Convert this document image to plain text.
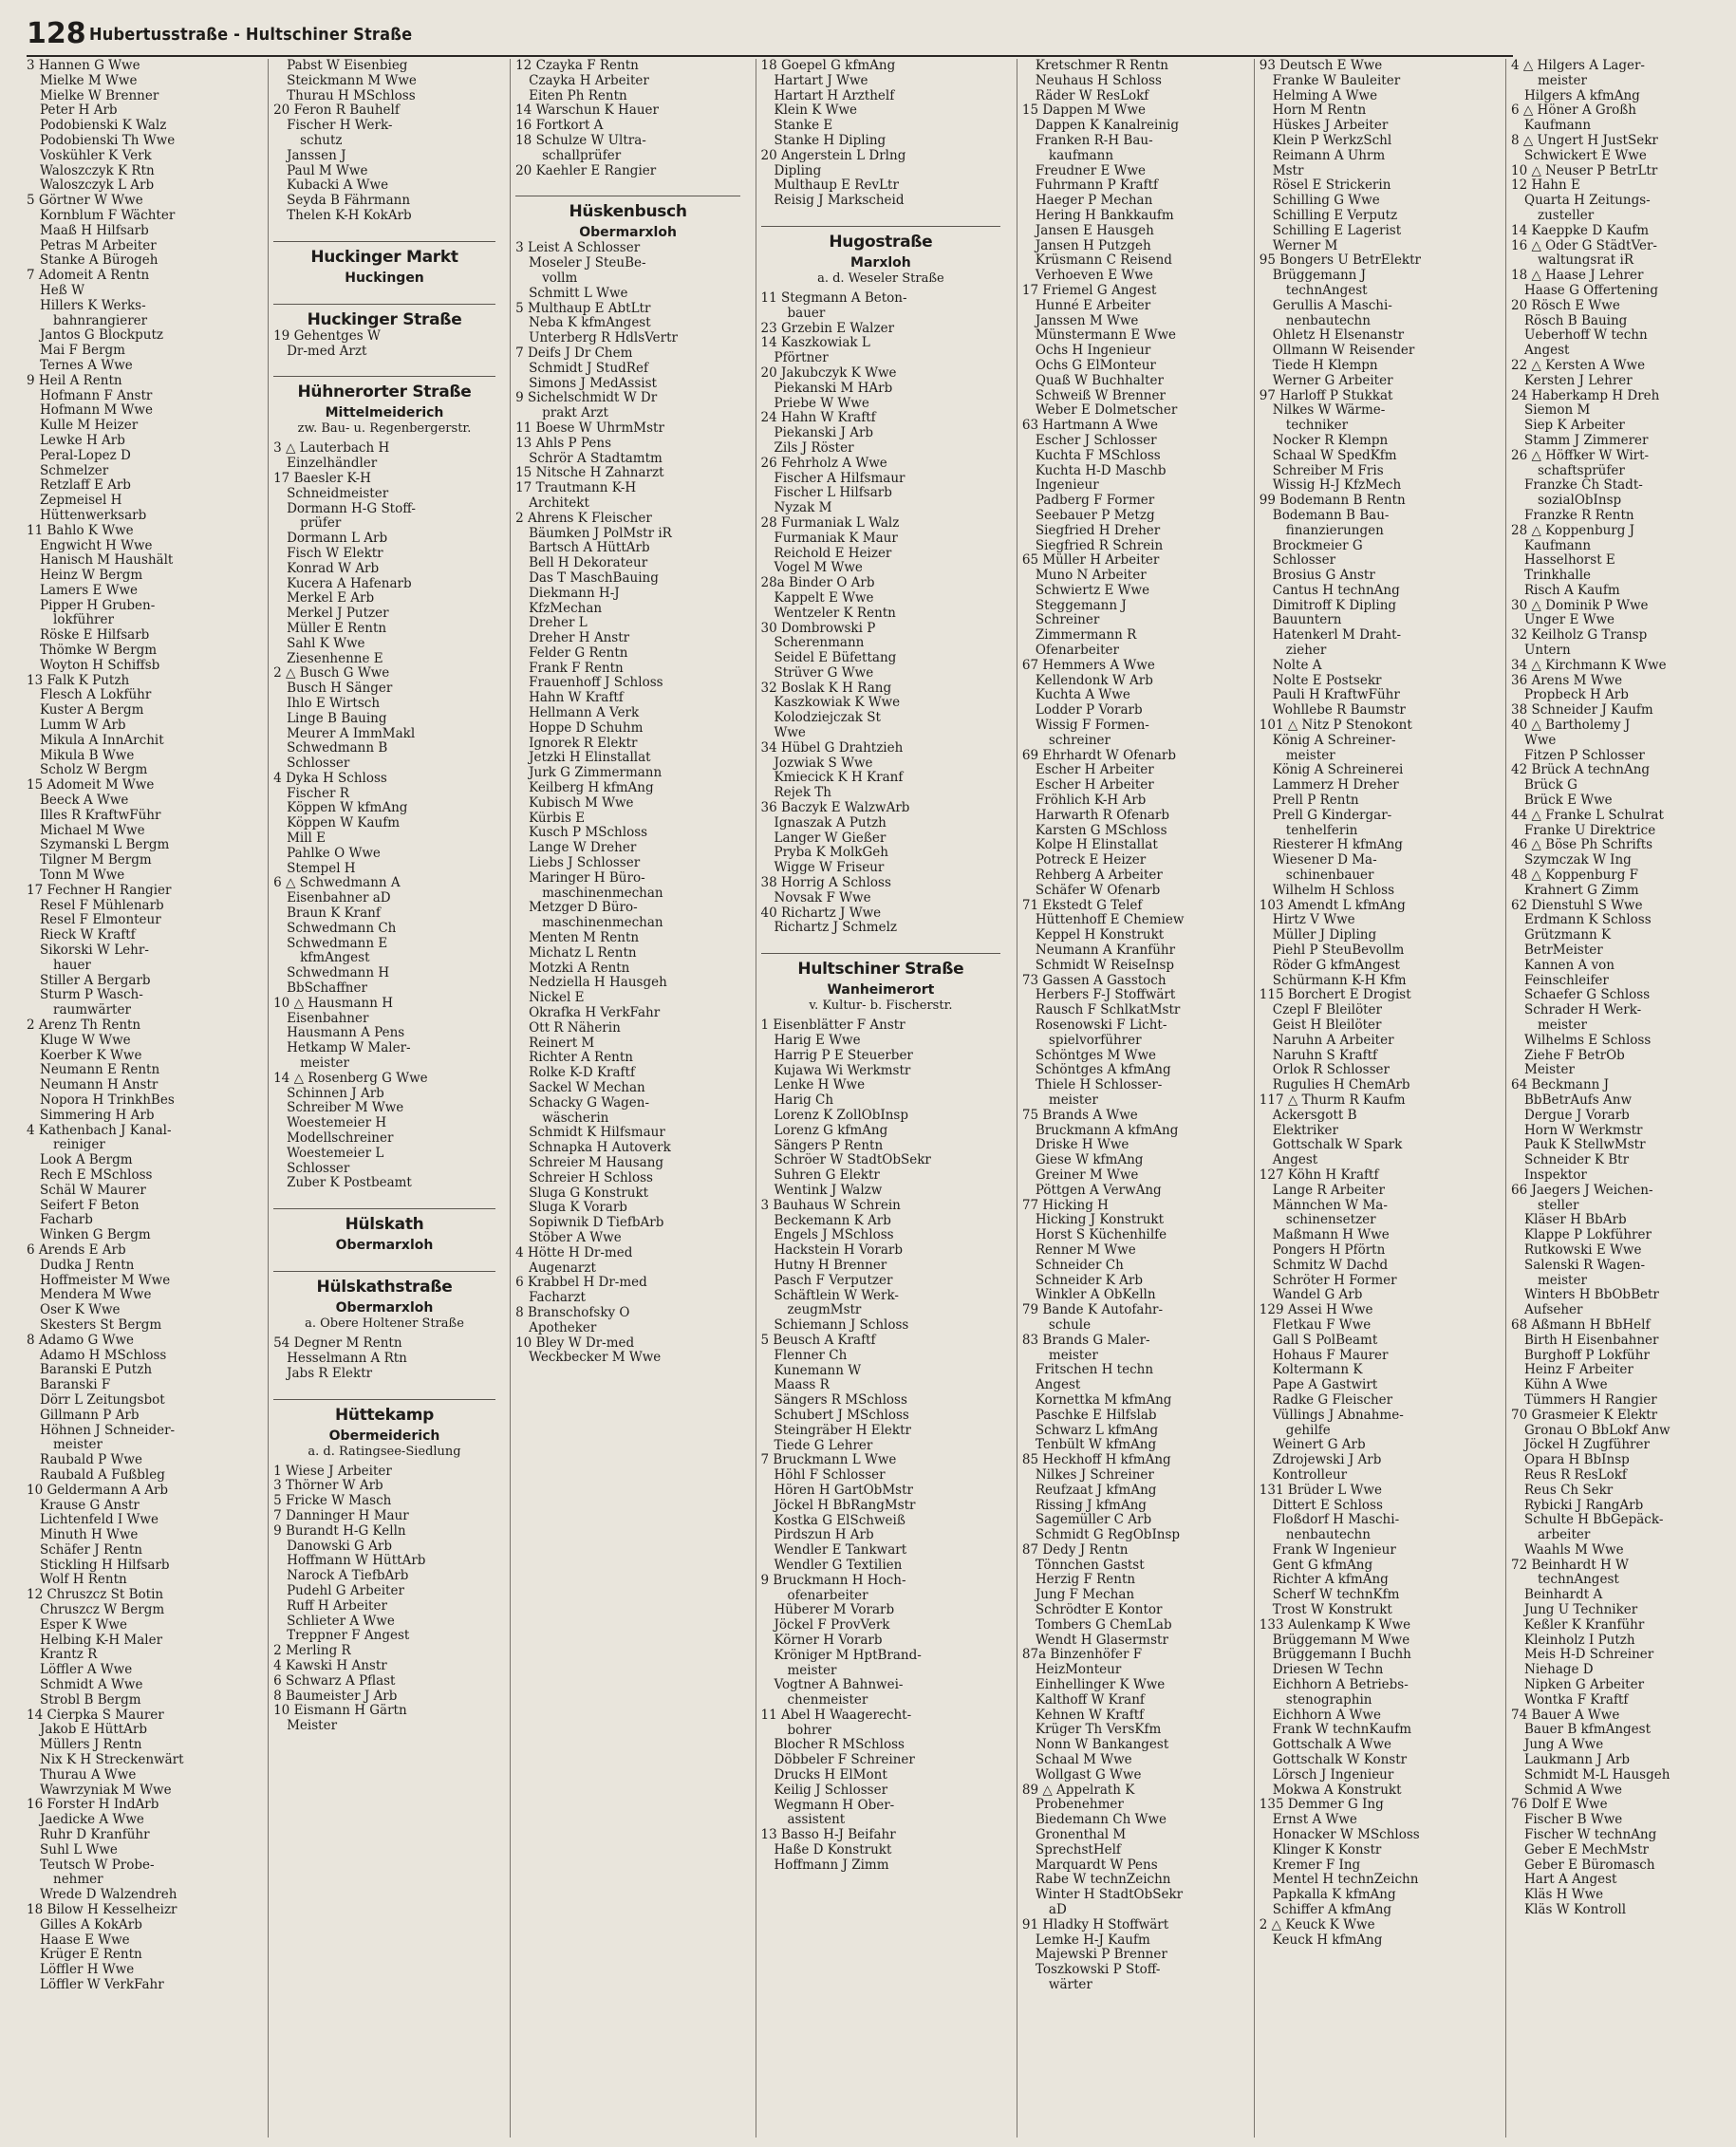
128 Hubertusstraße - Hultschiner Straße
3 Hannen G Wwe
Mielke M Wwe
Mielke W Brenner
Peter H Arb
Podobienski K Walz
Podobienski Th Wwe
Voskühler K Verk
Waloszczyk K Rtn
Waloszczyk L Arb
5 Görtner W Wwe
Kornblum F Wächter
Maaß H Hilfsarb
Petras M Arbeiter
Stanke A Bürogeh
7 Adomeit A Rentn
Heß W
Hillers K Werks-
bahnrangierer
Jantos G Blockputz
Mai F Bergm
Ternes A Wwe
9 Heil A Rentn
Hofmann F Anstr
Hofmann M Wwe
Kulle M Heizer
Lewke H Arb
Peral-Lopez D
Schmelzer
Retzlaff E Arb
Zepmeisel H
Hüttenwerksarb
11 Bahlo K Wwe
Engwicht H Wwe
Hanisch M Haushält
Heinz W Bergm
Lamers E Wwe
Pipper H Gruben-
lokführer
Röske E Hilfsarb
Thömke W Bergm
Woyton H Schiffsb
13 Falk K Putzh
Flesch A Lokführ
Kuster A Bergm
Lumm W Arb
Mikula A InnArchit
Mikula B Wwe
Scholz W Bergm
15 Adomeit M Wwe
Beeck A Wwe
Illes R KraftwFühr
Michael M Wwe
Szymanski L Bergm
Tilgner M Bergm
Tonn M Wwe
17 Fechner H Rangier
Resel F Mühlenarb
Resel F Elmonteur
Rieck W Kraftf
Sikorski W Lehr-
hauer
Stiller A Bergarb
Sturm P Wasch-
raumwärter
2 Arenz Th Rentn
Kluge W Wwe
Koerber K Wwe
Neumann E Rentn
Neumann H Anstr
Nopora H TrinkhBes
Simmering H Arb
4 Kathenbach J Kanal-
reiniger
Look A Bergm
Rech E MSchloss
Schäl W Maurer
Seifert F Beton
Facharb
Winken G Bergm
6 Arends E Arb
Dudka J Rentn
Hoffmeister M Wwe
Mendera M Wwe
Oser K Wwe
Skesters St Bergm
8 Adamo G Wwe
Adamo H MSchloss
Baranski E Putzh
Baranski F
Dörr L Zeitungsbot
Gillmann P Arb
Höhnen J Schneider-
meister
Raubald P Wwe
Raubald A Fußbleg
10 Geldermann A Arb
Krause G Anstr
Lichtenfeld I Wwe
Minuth H Wwe
Schäfer J Rentn
Stickling H Hilfsarb
Wolf H Rentn
12 Chruszcz St Botin
Chruszcz W Bergm
Esper K Wwe
Helbing K-H Maler
Krantz R
Löffler A Wwe
Schmidt A Wwe
Strobl B Bergm
14 Cierpka S Maurer
Jakob E HüttArb
Müllers J Rentn
Nix K H Streckenwärt
Thurau A Wwe
Wawrzyniak M Wwe
16 Forster H IndArb
Jaedicke A Wwe
Ruhr D Kranführ
Suhl L Wwe
Teutsch W Probe-
nehmer
Wrede D Walzendreh
18 Bilow H Kesselheizr
Gilles A KokArb
Haase E Wwe
Krüger E Rentn
Löffler H Wwe
Löffler W VerkFahr
Pabst W Eisenbieg
Steickmann M Wwe
Thurau H MSchloss
20 Feron R Bauhelf
Fischer H Werk-
schutz
Janssen J
Paul M Wwe
Kubacki A Wwe
Seyda B Fährmann
Thelen K-H KokArb
Huckinger Markt
Huckingen
Huckinger Straße
19 Gehentges W
Dr-med Arzt
Hühnerorter Straße
Mittelmeiderich
zw. Bau- u. Regenbergerstr.
3 △ Lauterbach H
Einzelhändler
17 Baesler K-H
Schneidmeister
Dormann H-G Stoff-
prüfer
Dormann L Arb
Fisch W Elektr
Konrad W Arb
Kucera A Hafenarb
Merkel E Arb
Merkel J Putzer
Müller E Rentn
Sahl K Wwe
Ziesenhenne E
2 △ Busch G Wwe
Busch H Sänger
Ihlo E Wirtsch
Linge B Bauing
Meurer A ImmMakl
Schwedmann B
Schlosser
4 Dyka H Schloss
Fischer R
Köppen W kfmAng
Köppen W Kaufm
Mill E
Pahlke O Wwe
Stempel H
6 △ Schwedmann A
Eisenbahner aD
Braun K Kranf
Schwedmann Ch
Schwedmann E
kfmAngest
Schwedmann H
BbSchaffner
10 △ Hausmann H
Eisenbahner
Hausmann A Pens
Hetkamp W Maler-
meister
14 △ Rosenberg G Wwe
Schinnen J Arb
Schreiber M Wwe
Woestemeier H
Modellschreiner
Woestemeier L
Schlosser
Zuber K Postbeamt
Hülskath
Obermarxloh
Hülskathstraße
Obermarxloh
a. Obere Holtener Straße
54 Degner M Rentn
Hesselmann A Rtn
Jabs R Elektr
Hüttekamp
Obermeiderich
a. d. Ratingsee-Siedlung
1 Wiese J Arbeiter
3 Thörner W Arb
5 Fricke W Masch
7 Danninger H Maur
9 Burandt H-G Kelln
Danowski G Arb
Hoffmann W HüttArb
Narock A TiefbArb
Pudehl G Arbeiter
Ruff H Arbeiter
Schlieter A Wwe
Treppner F Angest
2 Merling R
4 Kawski H Anstr
6 Schwarz A Pflast
8 Baumeister J Arb
10 Eismann H Gärtn
Meister
12 Czayka F Rentn
Czayka H Arbeiter
Eiten Ph Rentn
14 Warschun K Hauer
16 Fortkort A
18 Schulze W Ultra-
schallprüfer
20 Kaehler E Rangier
Hüskenbusch
Obermarxloh
3 Leist A Schlosser
Moseler J SteuBe-
vollm
Schmitt L Wwe
5 Multhaup E AbtLtr
Neba K kfmAngest
Unterberg R HdlsVertr
7 Deifs J Dr Chem
Schmidt J StudRef
Simons J MedAssist
9 Sichelschmidt W Dr
prakt Arzt
11 Boese W UhrmMstr
13 Ahls P Pens
Schrör A Stadtamtm
15 Nitsche H Zahnarzt
17 Trautmann K-H
Architekt
2 Ahrens K Fleischer
Bäumken J PolMstr iR
Bartsch A HüttArb
Bell H Dekorateur
Das T MaschBauing
Diekmann H-J
KfzMechan
Dreher L
Dreher H Anstr
Felder G Rentn
Frank F Rentn
Frauenhoff J Schloss
Hahn W Kraftf
Hellmann A Verk
Hoppe D Schuhm
Ignorek R Elektr
Jetzki H Elinstallat
Jurk G Zimmermann
Keilberg H kfmAng
Kubisch M Wwe
Kürbis E
Kusch P MSchloss
Lange W Dreher
Liebs J Schlosser
Maringer H Büro-
maschinenmechan
Metzger D Büro-
maschinenmechan
Menten M Rentn
Michatz L Rentn
Motzki A Rentn
Nedziella H Hausgeh
Nickel E
Okrafka H VerkFahr
Ott R Näherin
Reinert M
Richter A Rentn
Rolke K-D Kraftf
Sackel W Mechan
Schacky G Wagen-
wäscherin
Schmidt K Hilfsmaur
Schnapka H Autoverk
Schreier M Hausang
Schreier H Schloss
Sluga G Konstrukt
Sluga K Vorarb
Sopiwnik D TiefbArb
Stöber A Wwe
4 Hötte H Dr-med
Augenarzt
6 Krabbel H Dr-med
Facharzt
8 Branschofsky O
Apotheker
10 Bley W Dr-med
Weckbecker M Wwe
18 Goepel G kfmAng
Hartart J Wwe
Hartart H Arzthelf
Klein K Wwe
Stanke E
Stanke H Dipling
20 Angerstein L Drlng
Dipling
Multhaup E RevLtr
Reisig J Markscheid
Hugostraße
Marxloh
a. d. Weseler Straße
11 Stegmann A Beton-
bauer
23 Grzebin E Walzer
14 Kaszkowiak L
Pförtner
20 Jakubczyk K Wwe
Piekanski M HArb
Priebe W Wwe
24 Hahn W Kraftf
Piekanski J Arb
Zils J Röster
26 Fehrholz A Wwe
Fischer A Hilfsmaur
Fischer L Hilfsarb
Nyzak M
28 Furmaniak L Walz
Furmaniak K Maur
Reichold E Heizer
Vogel M Wwe
28a Binder O Arb
Kappelt E Wwe
Wentzeler K Rentn
30 Dombrowski P
Scherenmann
Seidel E Büfettang
Strüver G Wwe
32 Boslak K H Rang
Kaszkowiak K Wwe
Kolodziejczak St
Wwe
34 Hübel G Drahtzieh
Jozwiak S Wwe
Kmiecick K H Kranf
Rejek Th
36 Baczyk E WalzwArb
Ignaszak A Putzh
Langer W Gießer
Pryba K MolkGeh
Wigge W Friseur
38 Horrig A Schloss
Novsak F Wwe
40 Richartz J Wwe
Richartz J Schmelz
Hultschiner Straße
Wanheimerort
v. Kultur- b. Fischerstr.
1 Eisenblätter F Anstr
Harig E Wwe
Harrig P E Steuerber
Kujawa Wi Werkmstr
Lenke H Wwe
Harig Ch
Lorenz K ZollObInsp
Lorenz G kfmAng
Sängers P Rentn
Schröer W StadtObSekr
Suhren G Elektr
Wentink J Walzw
3 Bauhaus W Schrein
Beckemann K Arb
Engels J MSchloss
Hackstein H Vorarb
Hutny H Brenner
Pasch F Verputzer
Schäftlein W Werk-
zeugmMstr
Schiemann J Schloss
5 Beusch A Kraftf
Flenner Ch
Kunemann W
Maass R
Sängers R MSchloss
Schubert J MSchloss
Steingräber H Elektr
Tiede G Lehrer
7 Bruckmann L Wwe
Höhl F Schlosser
Hören H GartObMstr
Jöckel H BbRangMstr
Kostka G ElSchweiß
Pirdszun H Arb
Wendler E Tankwart
Wendler G Textilien
9 Bruckmann H Hoch-
ofenarbeiter
Hüberer M Vorarb
Jöckel F ProvVerk
Körner H Vorarb
Kröniger M HptBrand-
meister
Vogtner A Bahnwei-
chenmeister
11 Abel H Waagerecht-
bohrer
Blocher R MSchloss
Döbbeler F Schreiner
Drucks H ElMont
Keilig J Schlosser
Wegmann H Ober-
assistent
13 Basso H-J Beifahr
Haße D Konstrukt
Hoffmann J Zimm
Kretschmer R Rentn
Neuhaus H Schloss
Räder W ResLokf
15 Dappen M Wwe
Dappen K Kanalreinig
Franken R-H Bau-
kaufmann
Freudner E Wwe
Fuhrmann P Kraftf
Haeger P Mechan
Hering H Bankkaufm
Jansen E Hausgeh
Jansen H Putzgeh
Krüsmann C Reisend
Verhoeven E Wwe
17 Friemel G Angest
Hunné E Arbeiter
Janssen M Wwe
Münstermann E Wwe
Ochs H Ingenieur
Ochs G ElMonteur
Quaß W Buchhalter
Schweiß W Brenner
Weber E Dolmetscher
63 Hartmann A Wwe
Escher J Schlosser
Kuchta F MSchloss
Kuchta H-D Maschb
Ingenieur
Padberg F Former
Seebauer P Metzg
Siegfried H Dreher
Siegfried R Schrein
65 Müller H Arbeiter
Muno N Arbeiter
Schwiertz E Wwe
Steggemann J
Schreiner
Zimmermann R
Ofenarbeiter
67 Hemmers A Wwe
Kellendonk W Arb
Kuchta A Wwe
Lodder P Vorarb
Wissig F Formen-
schreiner
69 Ehrhardt W Ofenarb
Escher H Arbeiter
Escher H Arbeiter
Fröhlich K-H Arb
Harwarth R Ofenarb
Karsten G MSchloss
Kolpe H Elinstallat
Potreck E Heizer
Rehberg A Arbeiter
Schäfer W Ofenarb
71 Ekstedt G Telef
Hüttenhoff E Chemiew
Keppel H Konstrukt
Neumann A Kranführ
Schmidt W ReiseInsp
73 Gassen A Gasstoch
Herbers F-J Stoffwärt
Rausch F SchlkatMstr
Rosenowski F Licht-
spielvorführer
Schöntges M Wwe
Schöntges A kfmAng
Thiele H Schlosser-
meister
75 Brands A Wwe
Bruckmann A kfmAng
Driske H Wwe
Giese W kfmAng
Greiner M Wwe
Pöttgen A VerwAng
77 Hicking H
Hicking J Konstrukt
Horst S Küchenhilfe
Renner M Wwe
Schneider Ch
Schneider K Arb
Winkler A ObKelln
79 Bande K Autofahr-
schule
83 Brands G Maler-
meister
Fritschen H techn
Angest
Kornettka M kfmAng
Paschke E Hilfslab
Schwarz L kfmAng
Tenbült W kfmAng
85 Heckhoff H kfmAng
Nilkes J Schreiner
Reufzaat J kfmAng
Rissing J kfmAng
Sagemüller C Arb
Schmidt G RegObInsp
87 Dedy J Rentn
Tönnchen Gastst
Herzig F Rentn
Jung F Mechan
Schrödter E Kontor
Tombers G ChemLab
Wendt H Glasermstr
87a Binzenhöfer F
HeizMonteur
Einhellinger K Wwe
Kalthoff W Kranf
Kehnen W Kraftf
Krüger Th VersKfm
Nonn W Bankangest
Schaal M Wwe
Wollgast G Wwe
89 △ Appelrath K
Probenehmer
Biedemann Ch Wwe
Gronenthal M
SprechstHelf
Marquardt W Pens
Rabe W technZeichn
Winter H StadtObSekr
aD
91 Hladky H Stoffwärt
Lemke H-J Kaufm
Majewski P Brenner
Toszkowski P Stoff-
wärter
93 Deutsch E Wwe
Franke W Bauleiter
Helming A Wwe
Horn M Rentn
Hüskes J Arbeiter
Klein P WerkzSchl
Reimann A Uhrm
Mstr
Rösel E Strickerin
Schilling G Wwe
Schilling E Verputz
Schilling E Lagerist
Werner M
95 Bongers U BetrElektr
Brüggemann J
technAngest
Gerullis A Maschi-
nenbautechn
Ohletz H Elsenanstr
Ollmann W Reisender
Tiede H Klempn
Werner G Arbeiter
97 Harloff P Stukkat
Nilkes W Wärme-
techniker
Nocker R Klempn
Schaal W SpedKfm
Schreiber M Fris
Wissig H-J KfzMech
99 Bodemann B Rentn
Bodemann B Bau-
finanzierungen
Brockmeier G
Schlosser
Brosius G Anstr
Cantus H technAng
Dimitroff K Dipling
Bauuntern
Hatenkerl M Draht-
zieher
Nolte A
Nolte E Postsekr
Pauli H KraftwFühr
Wohllebe R Baumstr
101 △ Nitz P Stenokont
König A Schreiner-
meister
König A Schreinerei
Lammerz H Dreher
Prell P Rentn
Prell G Kindergar-
tenhelferin
Riesterer H kfmAng
Wiesener D Ma-
schinenbauer
Wilhelm H Schloss
103 Amendt L kfmAng
Hirtz V Wwe
Müller J Dipling
Piehl P SteuBevollm
Röder G kfmAngest
Schürmann K-H Kfm
115 Borchert E Drogist
Czepl F Bleilöter
Geist H Bleilöter
Naruhn A Arbeiter
Naruhn S Kraftf
Orlok R Schlosser
Rugulies H ChemArb
117 △ Thurm R Kaufm
Ackersgott B
Elektriker
Gottschalk W Spark
Angest
127 Köhn H Kraftf
Lange R Arbeiter
Männchen W Ma-
schinensetzer
Maßmann H Wwe
Pongers H Pförtn
Schmitz W Dachd
Schröter H Former
Wandel G Arb
129 Assei H Wwe
Fletkau F Wwe
Gall S PolBeamt
Hohaus F Maurer
Koltermann K
Pape A Gastwirt
Radke G Fleischer
Vüllings J Abnahme-
gehilfe
Weinert G Arb
Zdrojewski J Arb
Kontrolleur
131 Brüder L Wwe
Dittert E Schloss
Floßdorf H Maschi-
nenbautechn
Frank W Ingenieur
Gent G kfmAng
Richter A kfmAng
Scherf W technKfm
Trost W Konstrukt
133 Aulenkamp K Wwe
Brüggemann M Wwe
Brüggemann I Buchh
Driesen W Techn
Eichhorn A Betriebs-
stenographin
Eichhorn A Wwe
Frank W technKaufm
Gottschalk A Wwe
Gottschalk W Konstr
Lörsch J Ingenieur
Mokwa A Konstrukt
135 Demmer G Ing
Ernst A Wwe
Honacker W MSchloss
Klinger K Konstr
Kremer F Ing
Mentel H technZeichn
Papkalla K kfmAng
Schiffer A kfmAng
2 △ Keuck K Wwe
Keuck H kfmAng
4 △ Hilgers A Lager-
meister
Hilgers A kfmAng
6 △ Höner A Großh
Kaufmann
8 △ Ungert H JustSekr
Schwickert E Wwe
10 △ Neuser P BetrLtr
12 Hahn E
Quarta H Zeitungs-
zusteller
14 Kaeppke D Kaufm
16 △ Oder G StädtVer-
waltungsrat iR
18 △ Haase J Lehrer
Haase G Offertening
20 Rösch E Wwe
Rösch B Bauing
Ueberhoff W techn
Angest
22 △ Kersten A Wwe
Kersten J Lehrer
24 Haberkamp H Dreh
Siemon M
Siep K Arbeiter
Stamm J Zimmerer
26 △ Höffker W Wirt-
schaftsprüfer
Franzke Ch Stadt-
sozialObInsp
Franzke R Rentn
28 △ Koppenburg J
Kaufmann
Hasselhorst E
Trinkhalle
Risch A Kaufm
30 △ Dominik P Wwe
Unger E Wwe
32 Keilholz G Transp
Untern
34 △ Kirchmann K Wwe
36 Arens M Wwe
Propbeck H Arb
38 Schneider J Kaufm
40 △ Bartholemy J
Wwe
Fitzen P Schlosser
42 Brück A technAng
Brück G
Brück E Wwe
44 △ Franke L Schulrat
Franke U Direktrice
46 △ Böse Ph Schrifts
Szymczak W Ing
48 △ Koppenburg F
Krahnert G Zimm
62 Dienstuhl S Wwe
Erdmann K Schloss
Grützmann K
BetrMeister
Kannen A von
Feinschleifer
Schaefer G Schloss
Schrader H Werk-
meister
Wilhelms E Schloss
Ziehe F BetrOb
Meister
64 Beckmann J
BbBetrAufs Anw
Dergue J Vorarb
Horn W Werkmstr
Pauk K StellwMstr
Schneider K Btr
Inspektor
66 Jaegers J Weichen-
steller
Kläser H BbArb
Klappe P Lokführer
Rutkowski E Wwe
Salenski R Wagen-
meister
Winters H BbObBetr
Aufseher
68 Aßmann H BbHelf
Birth H Eisenbahner
Burghoff P Lokführ
Heinz F Arbeiter
Kühn A Wwe
Tümmers H Rangier
70 Grasmeier K Elektr
Gronau O BbLokf Anw
Jöckel H Zugführer
Opara H BbInsp
Reus R ResLokf
Reus Ch Sekr
Rybicki J RangArb
Schulte H BbGepäck-
arbeiter
Waahls M Wwe
72 Beinhardt H W
technAngest
Beinhardt A
Jung U Techniker
Keßler K Kranführ
Kleinholz I Putzh
Meis H-D Schreiner
Niehage D
Nipken G Arbeiter
Wontka F Kraftf
74 Bauer A Wwe
Bauer B kfmAngest
Jung A Wwe
Laukmann J Arb
Schmidt M-L Hausgeh
Schmid A Wwe
76 Dolf E Wwe
Fischer B Wwe
Fischer W technAng
Geber E MechMstr
Geber E Büromasch
Hart A Angest
Kläs H Wwe
Kläs W Kontroll
